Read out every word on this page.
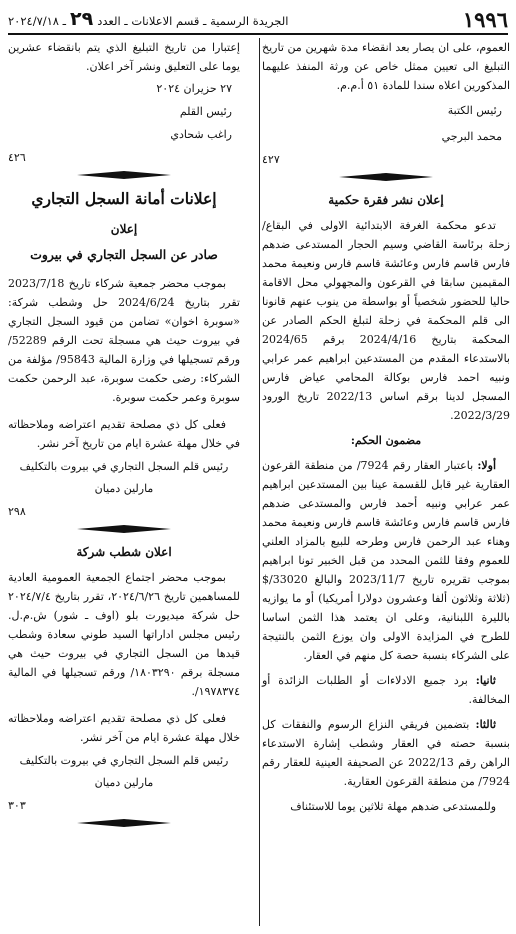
١٩٩٦
الجريدة الرسمية ـ قسم الاعلانات ـ العدد٢٩ـ ٢٠٢٤/٧/١٨

العموم، على ان يصار بعد انقضاء مدة شهرين من تاريخ التبليغ الى تعيين ممثل خاص عن ورثة المنفذ عليهما المذكورين اعلاه سندا للمادة ٥١ أ.م.م.

رئيس الكتبة

محمد البرجي

٤٢٧

إعلان نشر فقرة حكمية

تدعو محكمة الغرفة الابتدائية الاولى في البقاع/ زحلة برئاسة القاضي وسيم الحجار المستدعى ضدهم فارس قاسم فارس وعائشة قاسم فارس ونعيمة محمد المقيمين سابقا في القرعون والمجهولي محل الاقامة حاليا للحضور شخصياً أو بواسطة من ينوب عنهم قانونا الى قلم المحكمة في زحلة لتبلغ الحكم الصادر عن المحكمة بتاريخ 2024/4/16 برقم 2024/65 بالاستدعاء المقدم من المستدعين ابراهيم عمر عرابي ونبيه احمد فارس بوكالة المحامي عياض فارس المسجل لدينا برقم اساس 2022/13 تاريخ الورود 2022/3/29.

مضمون الحكم:

أولا: باعتبار العقار رقم 7924/ من منطقة القرعون العقارية غير قابل للقسمة عينا بين المستدعين ابراهيم عمر عرابي ونبيه أحمد فارس والمستدعى ضدهم فارس قاسم فارس وعائشة قاسم فارس ونعيمة محمد وهناء عبد الرحمن فارس وطرحه للبيع بالمزاد العلني للعموم وفقا للثمن المحدد من قبل الخبير تونا ابراهيم بموجب تقريره تاريخ 2023/11/7 والبالغ 33020/$ (ثلاثة وثلاثون ألفا وعشرون دولارا أمريكيا) أو ما يوازيه بالليرة اللبنانية، وعلى ان يعتمد هذا الثمن اساسا للطرح في المزايدة الاولى وان يوزع الثمن بالنتيجة على الشركاء بنسبة حصة كل منهم في العقار.

ثانيا: برد جميع الادلاءات أو الطلبات الزائدة أو المخالفة.

ثالثا: بتضمين فريقي النزاع الرسوم والنفقات كل بنسبة حصته في العقار وشطب إشارة الاستدعاء الراهن رقم 2022/13 عن الصحيفة العينية للعقار رقم 7924/ من منطقة القرعون العقارية.

وللمستدعى ضدهم مهلة ثلاثين يوما للاستئناف

إعتبارا من تاريخ التبليغ الذي يتم بانقضاء عشرين يوما على التعليق ونشر آخر اعلان.

٢٧ حزيران ٢٠٢٤

رئيس القلم

راغب شحادي

٤٢٦

إعلانات أمانة السجل التجاري

إعلان

صادر عن السجل التجاري في بيروت

بموجب محضر جمعية شركاء تاريخ 2023/7/18 تقرر بتاريخ 2024/6/24 حل وشطب شركة: «سوبرة اخوان» تضامن من قيود السجل التجاري في بيروت حيث هي مسجلة تحت الرقم 52289/ ورقم تسجيلها في وزارة المالية 95843/ مؤلفة من الشركاء: رضى حكمت سوبرة، عبد الرحمن حكمت سوبرة وعمر حكمت سوبرة.

فعلى كل ذي مصلحة تقديم اعتراضه وملاحظاته في خلال مهلة عشرة ايام من تاريخ آخر نشر.

رئيس قلم السجل التجاري في بيروت بالتكليف

مارلين دميان

٢٩٨

اعلان شطب شركة

بموجب محضر اجتماع الجمعية العمومية العادية للمساهمين تاريخ ٢٠٢٤/٦/٢٦، تقرر بتاريخ ٢٠٢٤/٧/٤ حل شركة ميديورت بلو (اوف ـ شور) ش.م.ل. رئيس مجلس اداراتها السيد طوني سعادة وشطب قيدها من السجل التجاري في بيروت حيث هي مسجلة برقم ١٨٠٣٢٩٠/ ورقم تسجيلها في المالية ١٩٧٨٣٧٤/.

فعلى كل ذي مصلحة تقديم اعتراضه وملاحظاته خلال مهلة عشرة ايام من آخر نشر.

رئيس قلم السجل التجاري في بيروت بالتكليف

مارلين دميان

٣٠٣
